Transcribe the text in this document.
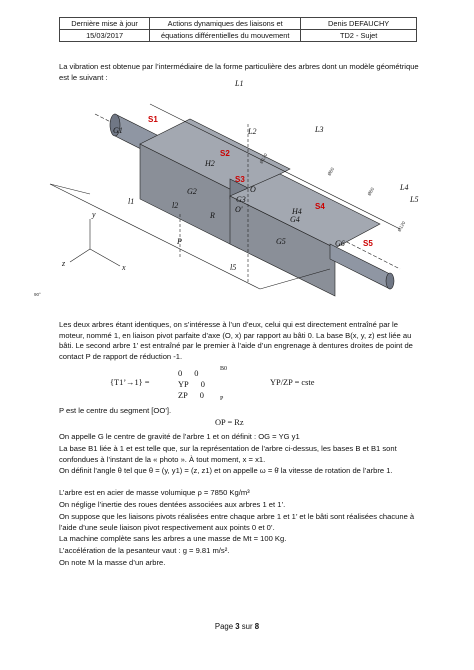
Dernière mise à jour	Actions dynamiques des liaisons et	Denis DEFAUCHY
15/03/2017	équations différentielles du mouvement	TD2 - Sujet
La vibration est obtenue par l’intermédiaire de la forme particulière des arbres dont un modèle géométrique est le suivant :
S1
S2
S3
S4
S5
L1
L2	L3
L4
L5
l1	l2
l5
G1
G2
G3
G4
G5	G6
H2
H4
O
O'
P
R
y
z	x
Ø120
Ø80
Ø80
Ø120
90°
Les deux arbres étant identiques, on s’intéresse à l’un d’eux, celui qui est directement entraîné par le moteur, nommé 1, en liaison pivot parfaite d’axe (O, x) par rapport au bâti 0. La base B(x, y, z) est liée au bâti. Le second arbre 1’ est entraîné par le premier à l’aide d’un engrenage à dentures droites de point de contact P de rapport de réduction -1.
{T1’→1} =
0 0
YP 0
ZP 0
B0
P
YP/ZP = cste
P est le centre du segment [OO’].
OP = Rz
On appelle G le centre de gravité de l’arbre 1 et on définit : OG = YG y1
La base B1 liée à 1 et est telle que, sur la représentation de l’arbre ci-dessus, les bases B et B1 sont confondues à l’instant de la « photo ». À tout moment, x = x1.
On définit l’angle θ tel que θ = (y, y1) = (z, z1) et on appelle ω = θ̇ la vitesse de rotation de l’arbre 1.
L’arbre est en acier de masse volumique ρ = 7850 Kg/m³
On néglige l’inertie des roues dentées associées aux arbres 1 et 1’.
On suppose que les liaisons pivots réalisées entre chaque arbre 1 et 1’ et le bâti sont réalisées chacune à l’aide d’une seule liaison pivot respectivement aux points 0 et 0’.
La machine complète sans les arbres a une masse de Mt = 100 Kg.
L’accélération de la pesanteur vaut : g = 9.81 m/s².
On note M la masse d’un arbre.
Page 3 sur 8
